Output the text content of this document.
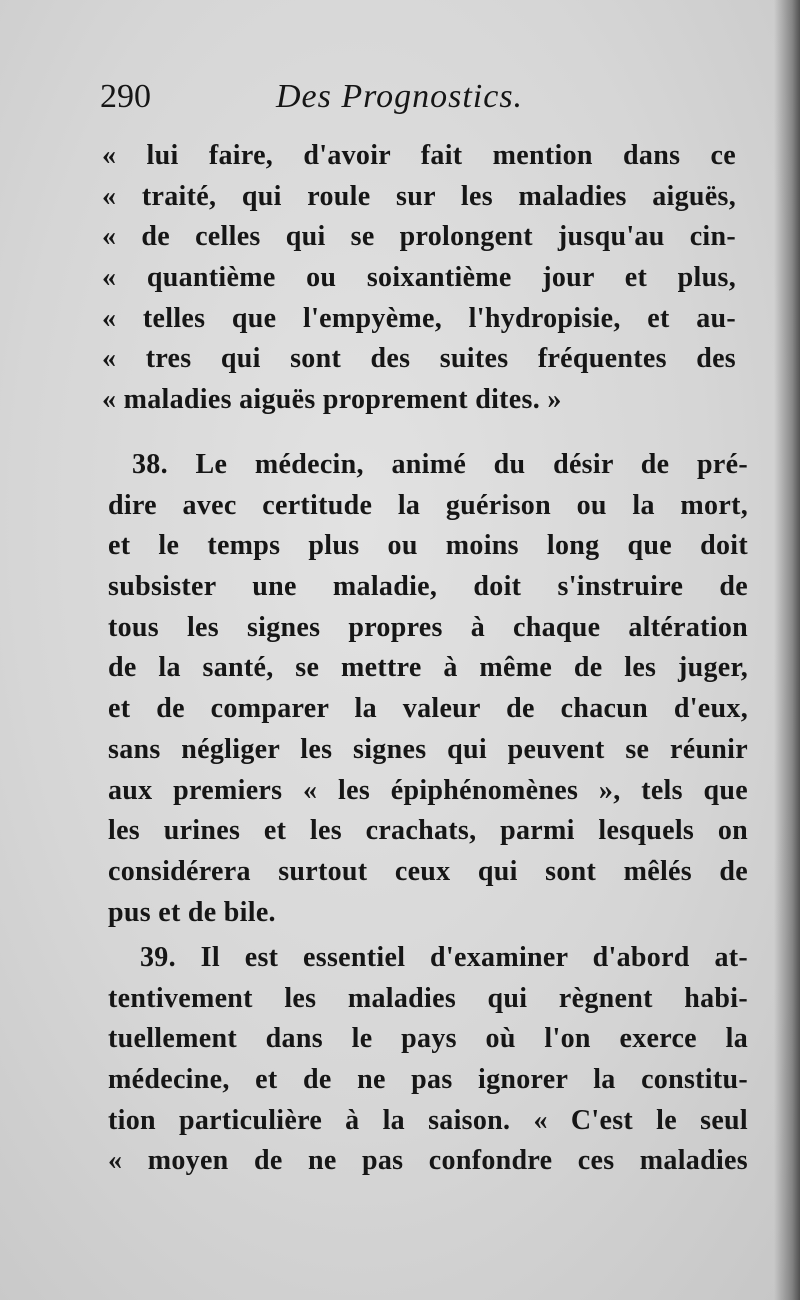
290	Des Prognostics.
« lui faire, d'avoir fait mention dans ce
« traité, qui roule sur les maladies aiguës,
« de celles qui se prolongent jusqu'au cin-
« quantième ou soixantième jour et plus,
« telles que l'empyème, l'hydropisie, et au-
« tres qui sont des suites fréquentes des
« maladies aiguës proprement dites. »
38. Le médecin, animé du désir de pré-
dire avec certitude la guérison ou la mort,
et le temps plus ou moins long que doit
subsister une maladie, doit s'instruire de
tous les signes propres à chaque altération
de la santé, se mettre à même de les juger,
et de comparer la valeur de chacun d'eux,
sans négliger les signes qui peuvent se réunir
aux premiers « les épiphénomènes », tels que
les urines et les crachats, parmi lesquels on
considérera surtout ceux qui sont mêlés de
pus et de bile.
39. Il est essentiel d'examiner d'abord at-
tentivement les maladies qui règnent habi-
tuellement dans le pays où l'on exerce la
médecine, et de ne pas ignorer la constitu-
tion particulière à la saison. « C'est le seul
« moyen de ne pas confondre ces maladies
